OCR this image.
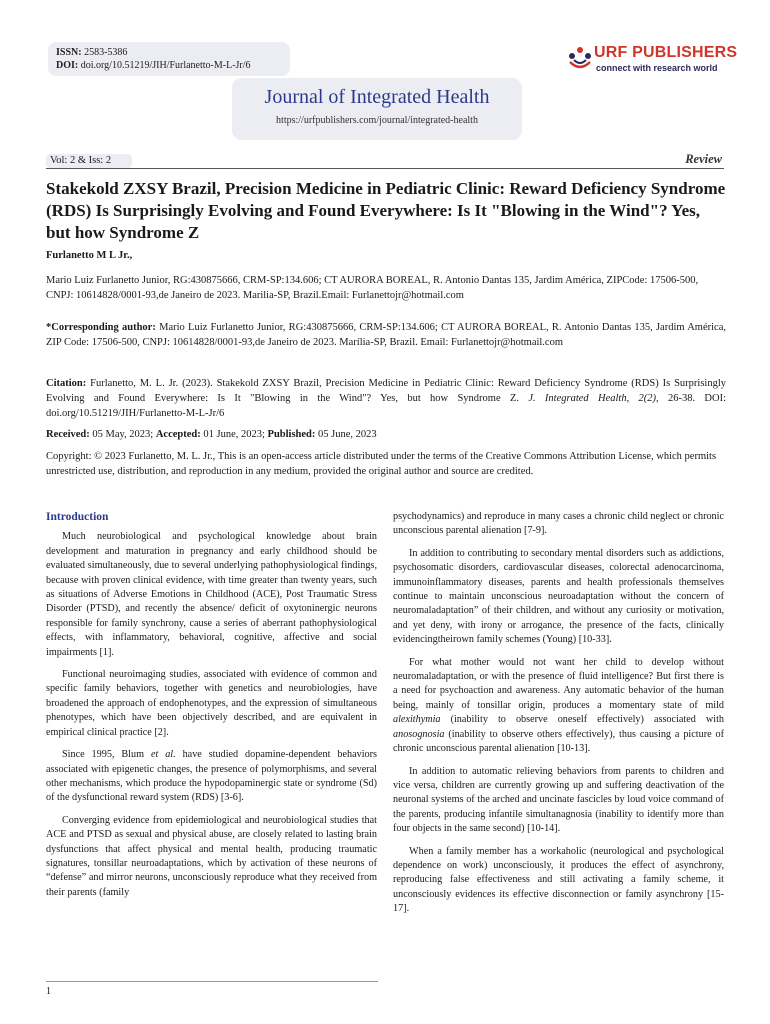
ISSN: 2583-5386
DOI: doi.org/10.51219/JIH/Furlanetto-M-L-Jr/6
URF PUBLISHERS
connect with research world
Journal of Integrated Health
https://urfpublishers.com/journal/integrated-health
Vol: 2 & Iss: 2	Review
Stakekold ZXSY Brazil, Precision Medicine in Pediatric Clinic: Reward Deficiency Syndrome (RDS) Is Surprisingly Evolving and Found Everywhere: Is It "Blowing in the Wind"? Yes, but how Syndrome Z
Furlanetto M L Jr.,
Mario Luiz Furlanetto Junior, RG:430875666, CRM-SP:134.606; CT AURORA BOREAL, R. Antonio Dantas 135, Jardim América, ZIPCode: 17506-500, CNPJ: 10614828/0001-93,de Janeiro de 2023. Marilia-SP, Brazil.Email: Furlanettojr@hotmail.com
*Corresponding author: Mario Luiz Furlanetto Junior, RG:430875666, CRM-SP:134.606; CT AURORA BOREAL, R. Antonio Dantas 135, Jardim América, ZIP Code: 17506-500, CNPJ: 10614828/0001-93,de Janeiro de 2023. Marília-SP, Brazil. Email: Furlanettojr@hotmail.com
Citation: Furlanetto, M. L. Jr. (2023). Stakekold ZXSY Brazil, Precision Medicine in Pediatric Clinic: Reward Deficiency Syndrome (RDS) Is Surprisingly Evolving and Found Everywhere: Is It "Blowing in the Wind"? Yes, but how Syndrome Z. J. Integrated Health, 2(2), 26-38. DOI: doi.org/10.51219/JIH/Furlanetto-M-L-Jr/6
Received: 05 May, 2023; Accepted: 01 June, 2023; Published: 05 June, 2023
Copyright: © 2023 Furlanetto, M. L. Jr., This is an open-access article distributed under the terms of the Creative Commons Attribution License, which permits unrestricted use, distribution, and reproduction in any medium, provided the original author and source are credited.
Introduction

Much neurobiological and psychological knowledge about brain development and maturation in pregnancy and early childhood should be evaluated simultaneously, due to several underlying pathophysiological findings, because with proven clinical evidence, with time greater than twenty years, such as situations of Adverse Emotions in Childhood (ACE), Post Traumatic Stress Disorder (PTSD), and recently the absence/ deficit of oxytoninergic neurons responsible for family synchrony, cause a series of aberrant pathophysiological effects, with inflammatory, behavioral, cognitive, affective and social impairments [1].

Functional neuroimaging studies, associated with evidence of common and specific family behaviors, together with genetics and neurobiologies, have broadened the approach of endophenotypes, and the expression of simultaneous phenotypes, which have been objectively described, and are equivalent in empirical clinical practice [2].

Since 1995, Blum et al. have studied dopamine-dependent behaviors associated with epigenetic changes, the presence of polymorphisms, and several other mechanisms, which produce the hypodopaminergic state or syndrome (Sd) of the dysfunctional reward system (RDS) [3-6].

Converging evidence from epidemiological and neurobiological studies that ACE and PTSD as sexual and physical abuse, are closely related to lasting brain dysfunctions that affect physical and mental health, producing traumatic signatures, tonsillar neuroadaptations, which by activation of these neurons of “defense” and mirror neurons, unconsciously reproduce what they received from their parents (family

psychodynamics) and reproduce in many cases a chronic child neglect or chronic unconscious parental alienation [7-9].

In addition to contributing to secondary mental disorders such as addictions, psychosomatic disorders, cardiovascular diseases, colorectal adenocarcinoma, immunoinflammatory diseases, parents and health professionals themselves continue to maintain unconscious neuroadaptation without the concern of neuromaladaptation” of their children, and without any curiosity or motivation, and yet deny, with irony or arrogance, the presence of the facts, clinically evidencingtheirown family schemes (Young) [10-33].

For what mother would not want her child to develop without neuromaladaptation, or with the presence of fluid intelligence? But first there is a need for psychoaction and awareness. Any automatic behavior of the human being, mainly of tonsillar origin, produces a momentary state of mild alexithymia (inability to observe oneself effectively) associated with anosognosia (inability to observe others effectively), thus causing a picture of chronic unconscious parental alienation [10-13].

In addition to automatic relieving behaviors from parents to children and vice versa, children are currently growing up and suffering deactivation of the neuronal systems of the arched and uncinate fascicles by loud voice command of the parents, producing infantile simultanagnosia (inability to identify more than four objects in the same second) [10-14].

When a family member has a workaholic (neurological and psychological dependence on work) unconsciously, it produces the effect of asynchrony, reproducing false effectiveness and still activating a family scheme, it unconsciously evidences its effective disconnection or family asynchrony [15-17].

1
